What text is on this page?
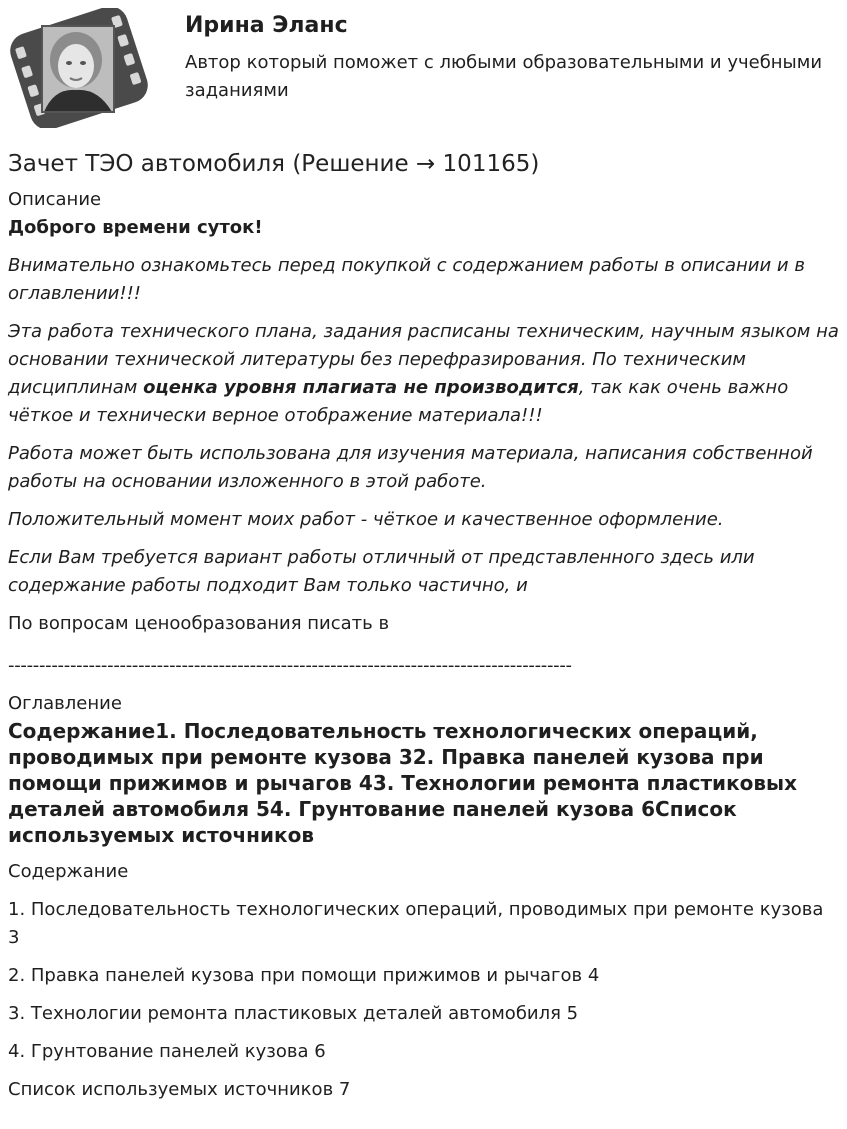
Ирина Эланс

Автор который поможет с любыми образовательными и учебными заданиями

Зачет ТЭО автомобиля (Решение → 101165)

Описание

Доброго времени суток!

Внимательно ознакомьтесь перед покупкой с содержанием работы в описании и в оглавлении!!!

Эта работа технического плана, задания расписаны техническим, научным языком на основании технической литературы без перефразирования. По техническим дисциплинам оценка уровня плагиата не производится, так как очень важно чёткое и технически верное отображение материала!!!

Работа может быть использована для изучения материала, написания собственной работы на основании изложенного в этой работе.

Положительный момент моих работ - чёткое и качественное оформление.

Если Вам требуется вариант работы отличный от представленного здесь или содержание работы подходит Вам только частично, и

По вопросам ценообразования писать в

-------------------------------------------------------------------------------------------

Оглавление

Содержание1. Последовательность технологических операций, проводимых при ремонте кузова 32. Правка панелей кузова при помощи прижимов и рычагов 43. Технологии ремонта пластиковых деталей автомобиля 54. Грунтование панелей кузова 6Список используемых источников

Содержание

1. Последовательность технологических операций, проводимых при ремонте кузова 3

2. Правка панелей кузова при помощи прижимов и рычагов 4

3. Технологии ремонта пластиковых деталей автомобиля 5

4. Грунтование панелей кузова 6

Список используемых источников 7
